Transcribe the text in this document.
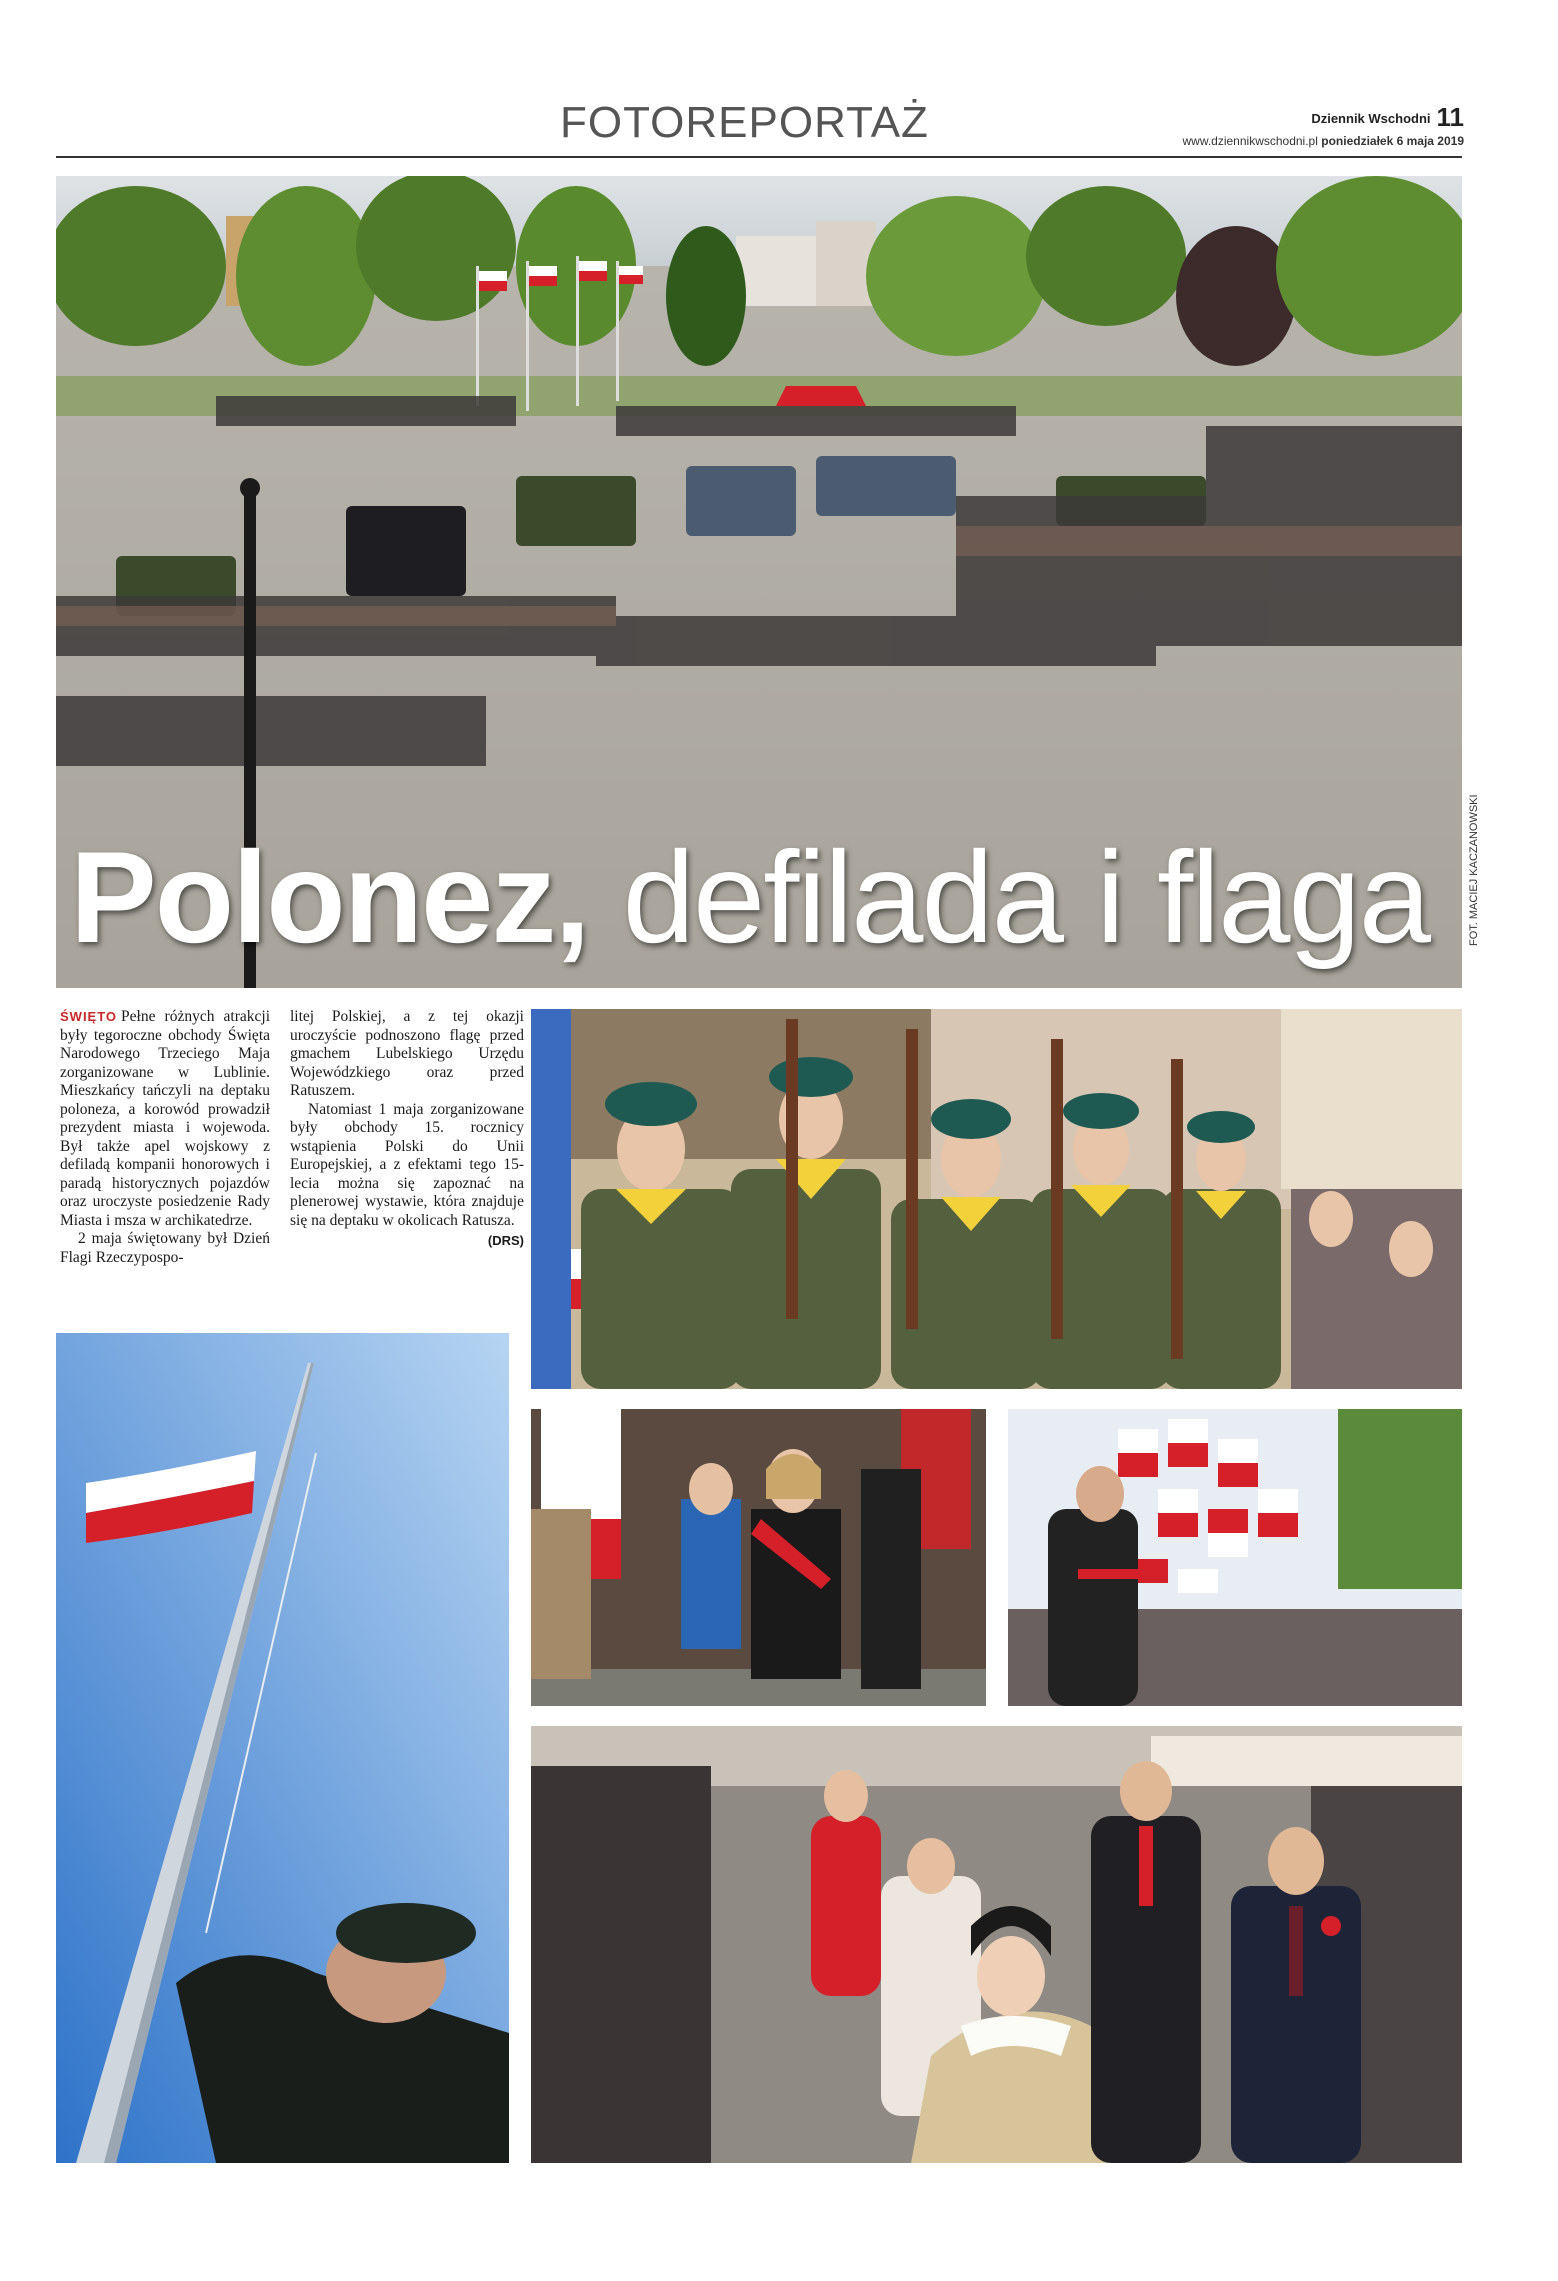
FOTOREPORTAŻ	Dziennik Wschodni 11
www.dziennikwschodni.pl poniedziałek 6 maja 2019
Polonez, defilada i flaga	FOT. MACIEJ KACZANOWSKI

ŚWIĘTO Pełne różnych atrakcji były tegoroczne obchody Święta Narodowego Trzeciego Maja zorganizowane w Lublinie. Mieszkańcy tańczyli na deptaku poloneza, a korowód prowadził prezydent miasta i wojewoda. Był także apel wojskowy z defiladą kompanii honorowych i paradą historycznych pojazdów oraz uroczyste posiedzenie Rady Miasta i msza w archikatedrze.

2 maja świętowany był Dzień Flagi Rzeczypospo-

litej Polskiej, a z tej okazji uroczyście podnoszono flagę przed gmachem Lubelskiego Urzędu Wojewódzkiego oraz przed Ratuszem.

Natomiast 1 maja zorganizowane były obchody 15. rocznicy wstąpienia Polski do Unii Europejskiej, a z efektami tego 15-lecia można się zapoznać na plenerowej wystawie, która znajduje się na deptaku w okolicach Ratusza.

(DRS)
